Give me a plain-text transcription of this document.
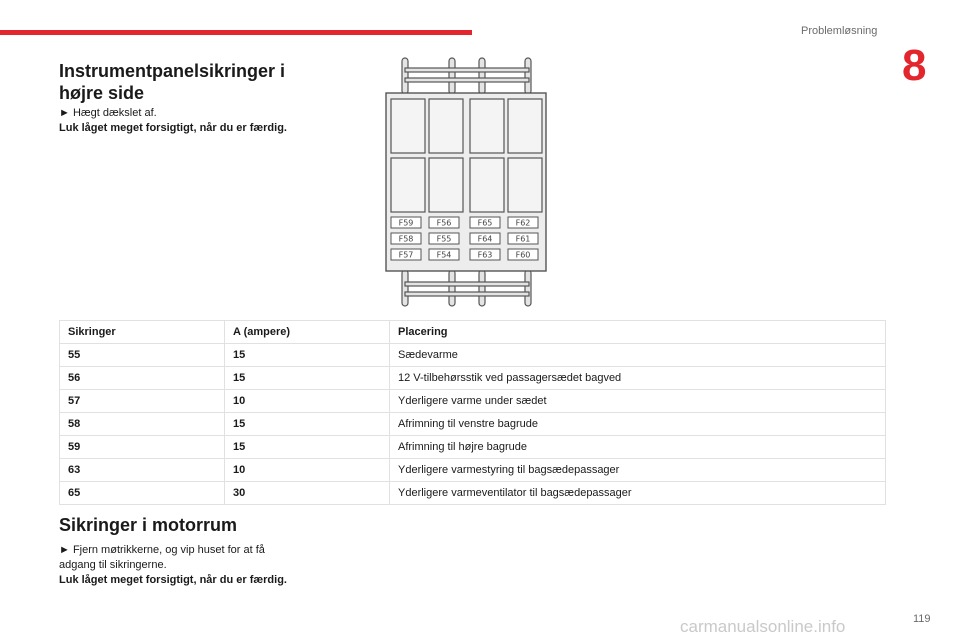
Problemløsning
8
Instrumentpanelsikringer i højre side

► Hægt dækslet af.

Luk låget meget forsigtigt, når du er færdig.

F59	F56	F65	F62
F58	F55	F64	F61
F57	F54	F63	F60
Sikringer	A (ampere)	Placering
55	15	Sædevarme
56	15	12 V-tilbehørsstik ved passagersædet bagved
57	10	Yderligere varme under sædet
58	15	Afrimning til venstre bagrude
59	15	Afrimning til højre bagrude
63	10	Yderligere varmestyring til bagsædepassager
65	30	Yderligere varmeventilator til bagsædepassager
Sikringer i motorrum

► Fjern møtrikkerne, og vip huset for at få

adgang til sikringerne.

Luk låget meget forsigtigt, når du er færdig.

carmanualsonline.info	119
